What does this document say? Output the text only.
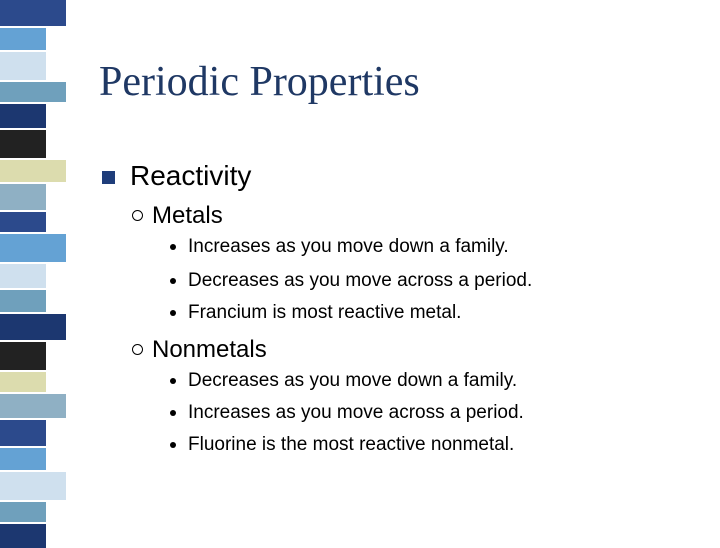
Periodic Properties
Reactivity
Metals
Increases as you move down a family.
Decreases as you move across a period.
Francium is most reactive metal.
Nonmetals
Decreases as you move down a family.
Increases as you move across a period.
Fluorine is the most reactive nonmetal.
